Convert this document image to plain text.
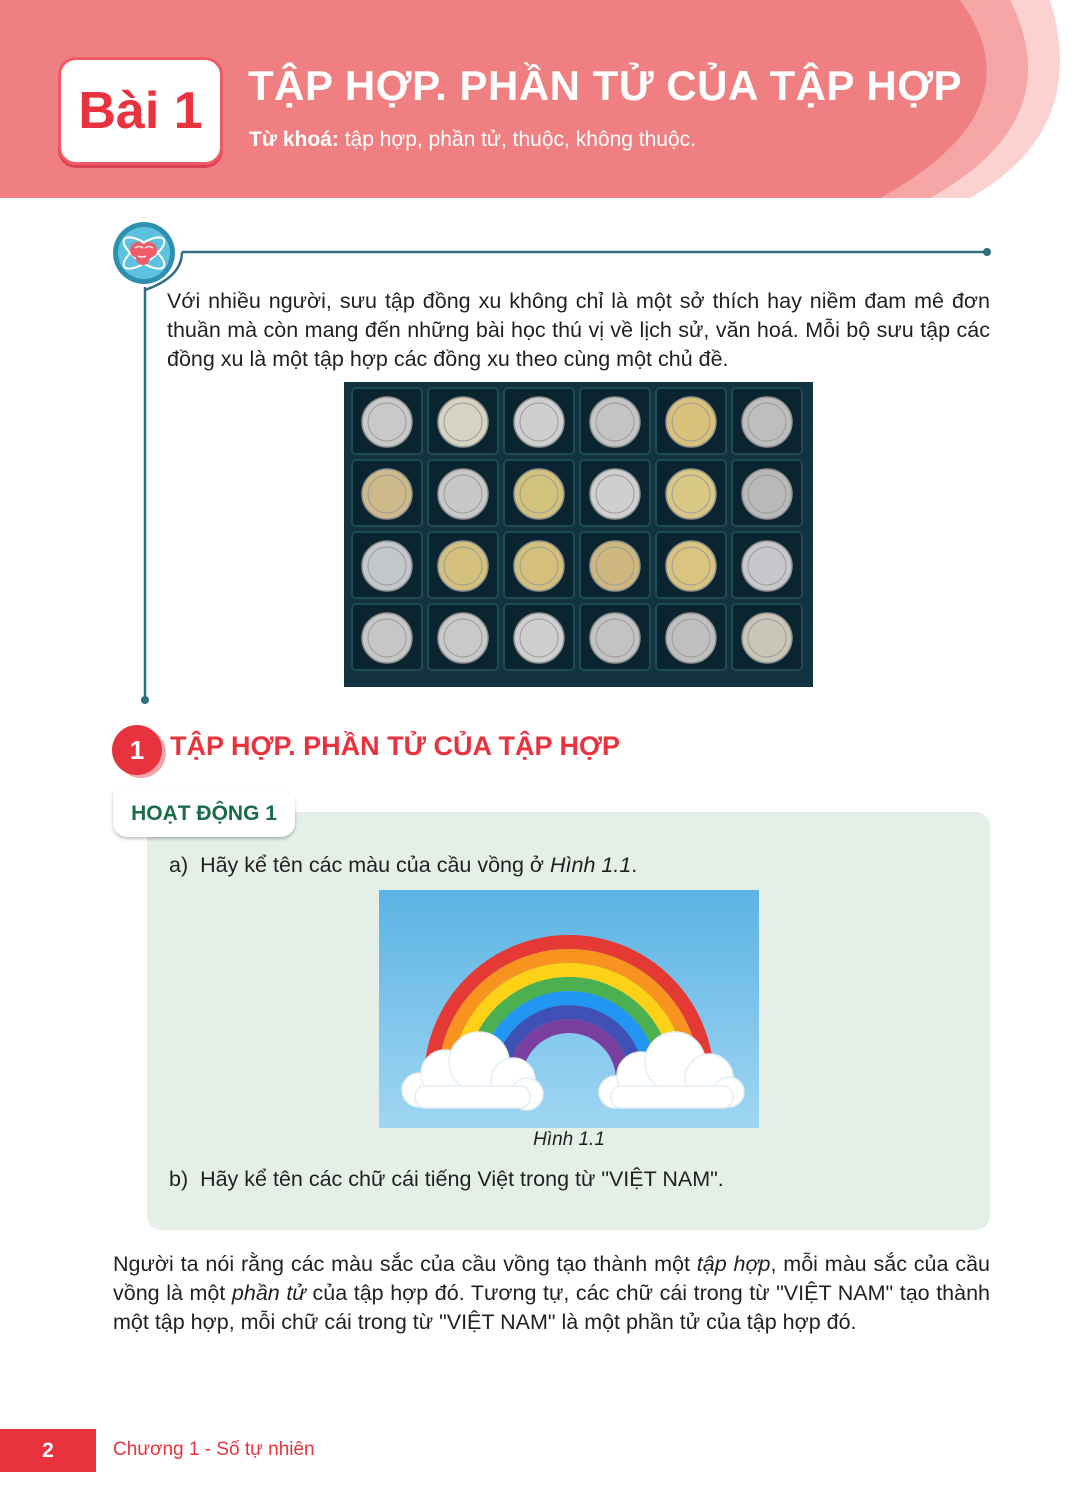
Bài 1	TẬP HỢP. PHẦN TỬ CỦA TẬP HỢP
Từ khoá: tập hợp, phần tử, thuộc, không thuộc.
Với nhiều người, sưu tập đồng xu không chỉ là một sở thích hay niềm đam mê đơn thuần mà còn mang đến những bài học thú vị về lịch sử, văn hoá. Mỗi bộ sưu tập các đồng xu là một tập hợp các đồng xu theo cùng một chủ đề.
1 TẬP HỢP. PHẦN TỬ CỦA TẬP HỢP
HOẠT ĐỘNG 1
a) Hãy kể tên các màu của cầu vồng ở Hình 1.1.
Hình 1.1
b) Hãy kể tên các chữ cái tiếng Việt trong từ "VIỆT NAM".
Người ta nói rằng các màu sắc của cầu vồng tạo thành một tập hợp, mỗi màu sắc của cầu vồng là một phần tử của tập hợp đó. Tương tự, các chữ cái trong từ "VIỆT NAM" tạo thành một tập hợp, mỗi chữ cái trong từ "VIỆT NAM" là một phần tử của tập hợp đó.
2	Chương 1 - Số tự nhiên
